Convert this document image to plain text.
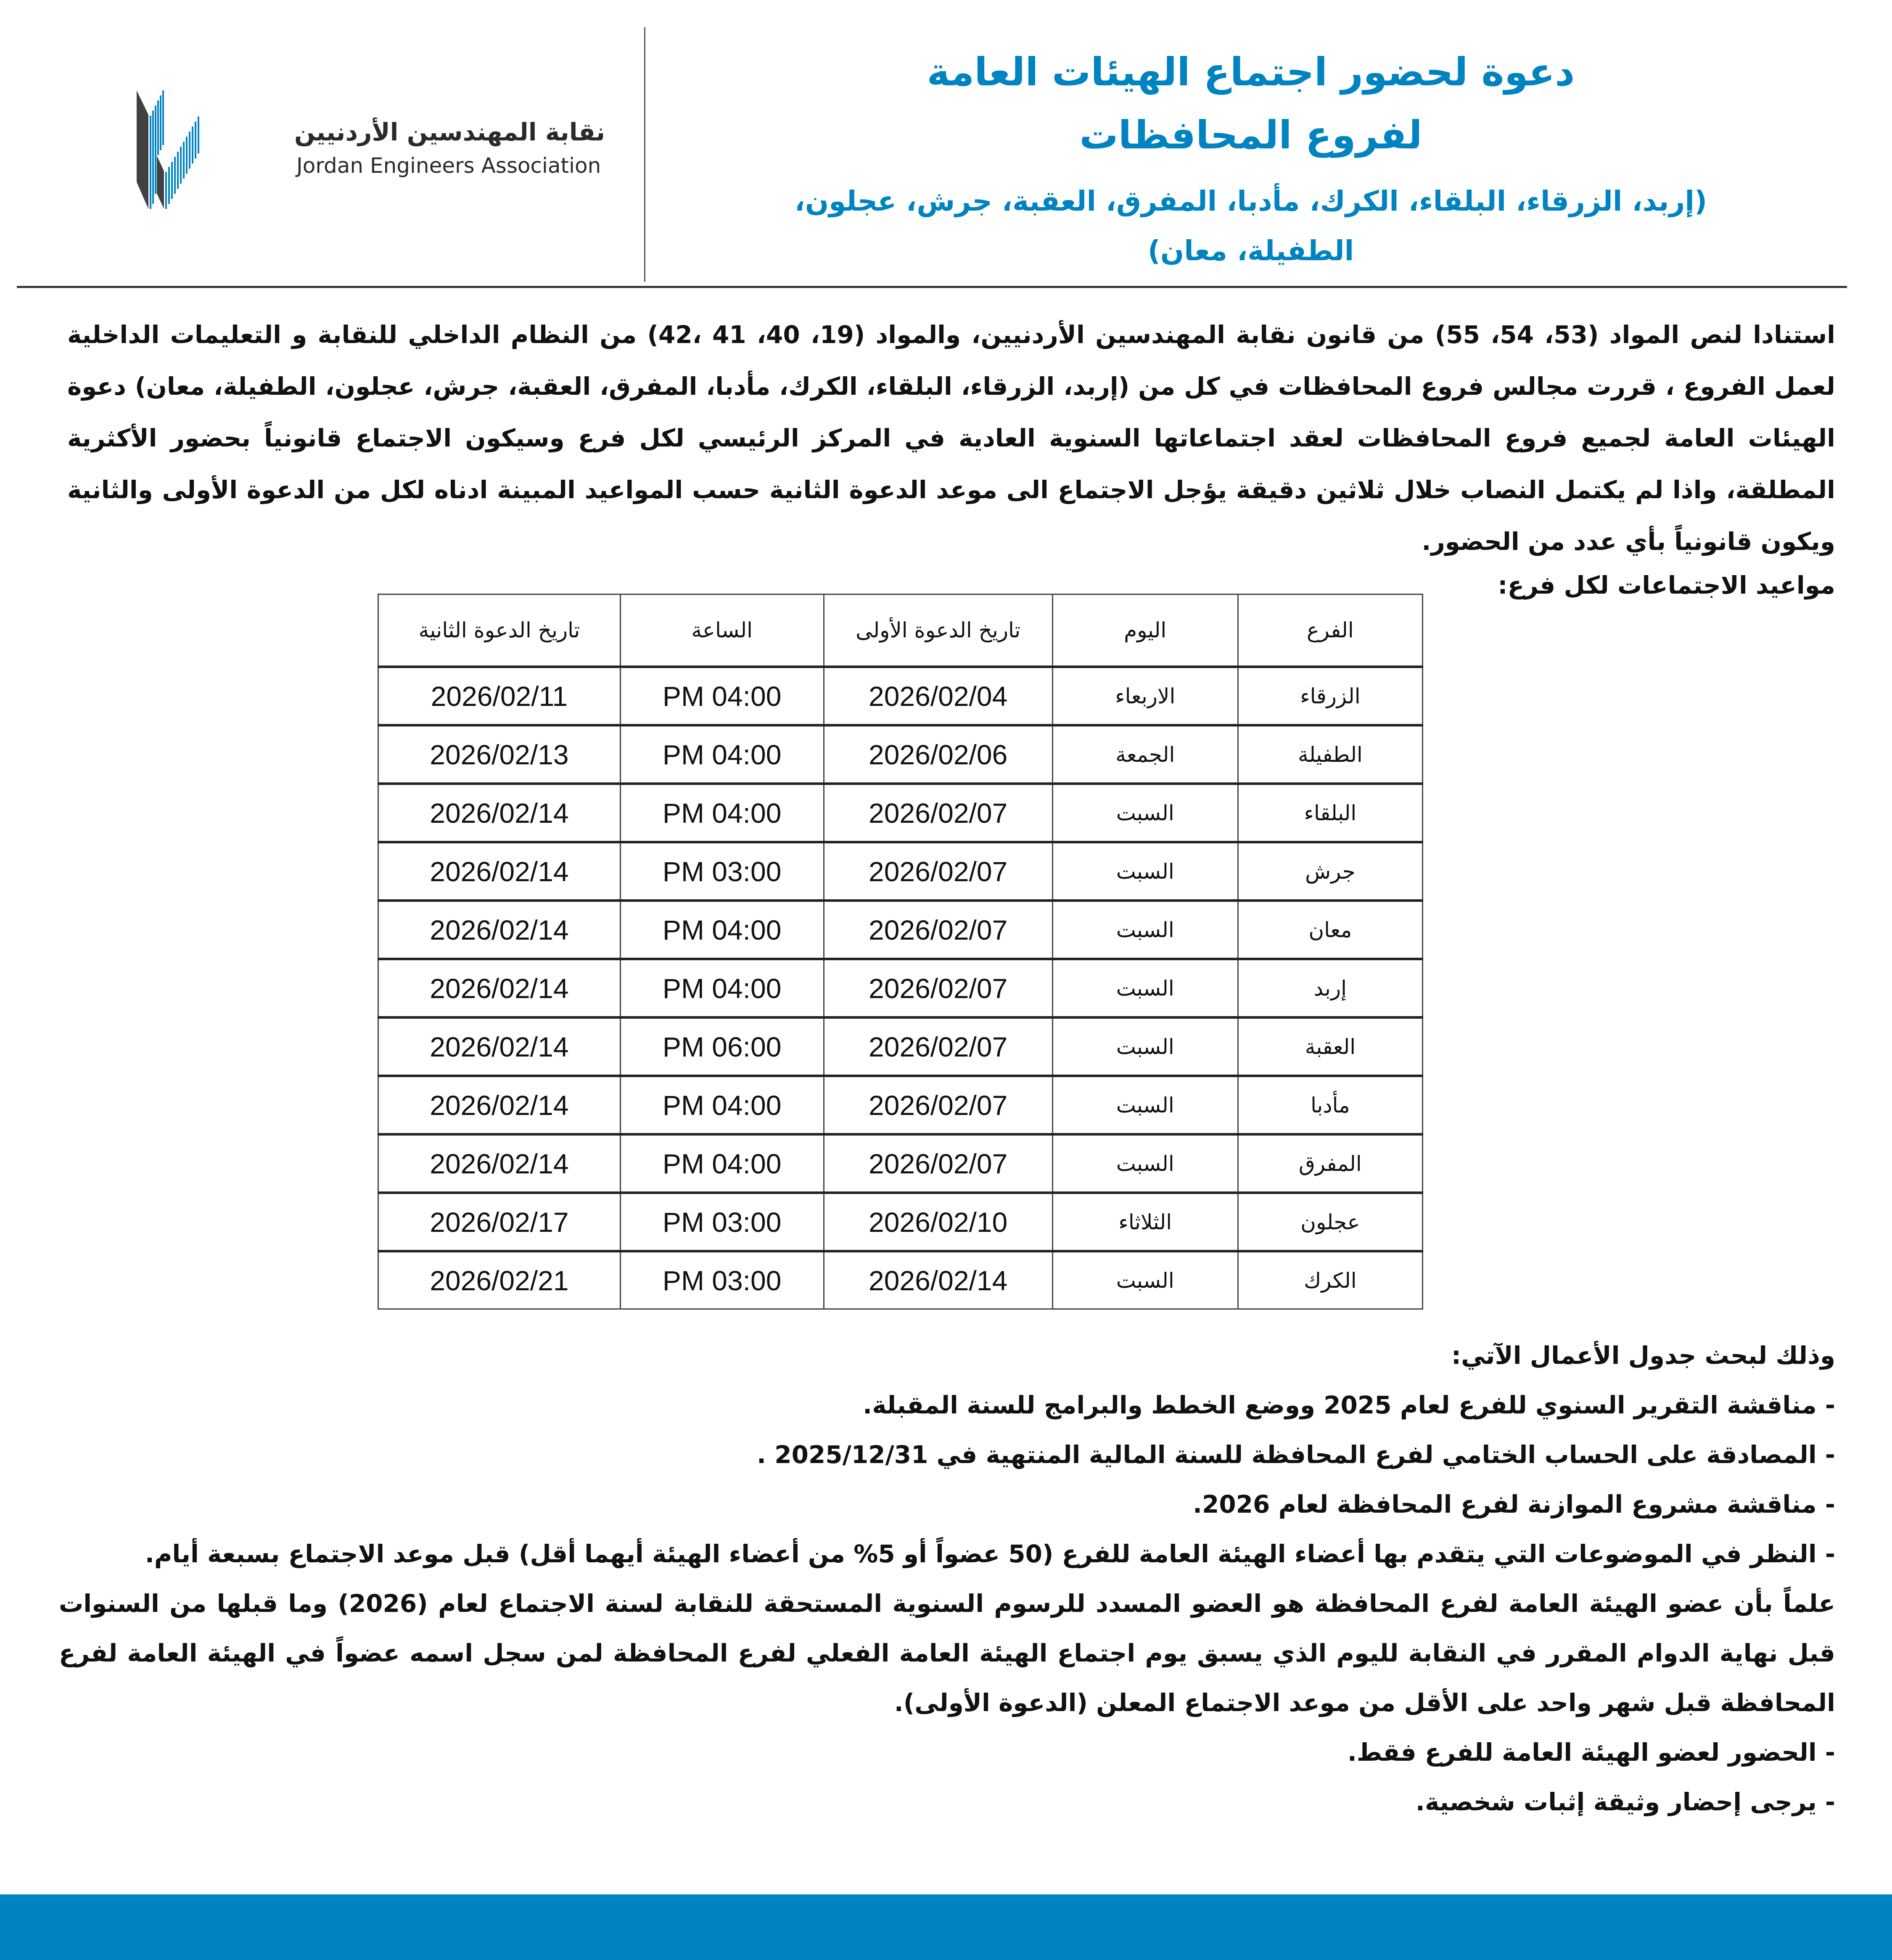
دعوة لحضور اجتماع الهيئات العامة
لفروع المحافظات
(إربد، الزرقاء، البلقاء، الكرك، مأدبا، المفرق، العقبة، جرش، عجلون،
الطفيلة، معان)
نقابة المهندسين الأردنيين
Jordan Engineers Association
استنادا لنص المواد (53، 54، 55) من قانون نقابة المهندسين الأردنيين، والمواد (19، 40، 41 ،42) من النظام الداخلي للنقابة و التعليمات الداخلية لعمل الفروع ، قررت مجالس فروع المحافظات في كل من (إربد، الزرقاء، البلقاء، الكرك، مأدبا، المفرق، العقبة، جرش، عجلون، الطفيلة، معان) دعوة الهيئات العامة لجميع فروع المحافظات لعقد اجتماعاتها السنوية العادية في المركز الرئيسي لكل فرع وسيكون الاجتماع قانونياً بحضور الأكثرية المطلقة، واذا لم يكتمل النصاب خلال ثلاثين دقيقة يؤجل الاجتماع الى موعد الدعوة الثانية حسب المواعيد المبينة ادناه لكل من الدعوة الأولى والثانية ويكون قانونياً بأي عدد من الحضور.
مواعيد الاجتماعات لكل فرع:
الفرع	اليوم	تاريخ الدعوة الأولى	الساعة	تاريخ الدعوة الثانية
الزرقاء	الاربعاء	2026/02/04	04:00 PM	2026/02/11
الطفيلة	الجمعة	2026/02/06	04:00 PM	2026/02/13
البلقاء	السبت	2026/02/07	04:00 PM	2026/02/14
جرش	السبت	2026/02/07	03:00 PM	2026/02/14
معان	السبت	2026/02/07	04:00 PM	2026/02/14
إربد	السبت	2026/02/07	04:00 PM	2026/02/14
العقبة	السبت	2026/02/07	06:00 PM	2026/02/14
مأدبا	السبت	2026/02/07	04:00 PM	2026/02/14
المفرق	السبت	2026/02/07	04:00 PM	2026/02/14
عجلون	الثلاثاء	2026/02/10	03:00 PM	2026/02/17
الكرك	السبت	2026/02/14	03:00 PM	2026/02/21

وذلك لبحث جدول الأعمال الآتي:

- مناقشة التقرير السنوي للفرع لعام 2025 ووضع الخطط والبرامج للسنة المقبلة.

- المصادقة على الحساب الختامي لفرع المحافظة للسنة المالية المنتهية في 2025/12/31 .

- مناقشة مشروع الموازنة لفرع المحافظة لعام 2026.

- النظر في الموضوعات التي يتقدم بها أعضاء الهيئة العامة للفرع (50 عضواً أو 5% من أعضاء الهيئة أيهما أقل) قبل موعد الاجتماع بسبعة أيام.

علماً بأن عضو الهيئة العامة لفرع المحافظة هو العضو المسدد للرسوم السنوية المستحقة للنقابة لسنة الاجتماع لعام (2026) وما قبلها من السنوات قبل نهاية الدوام المقرر في النقابة لليوم الذي يسبق يوم اجتماع الهيئة العامة الفعلي لفرع المحافظة لمن سجل اسمه عضواً في الهيئة العامة لفرع المحافظة قبل شهر واحد على الأقل من موعد الاجتماع المعلن (الدعوة الأولى).

- الحضور لعضو الهيئة العامة للفرع فقط.

- يرجى إحضار وثيقة إثبات شخصية.
